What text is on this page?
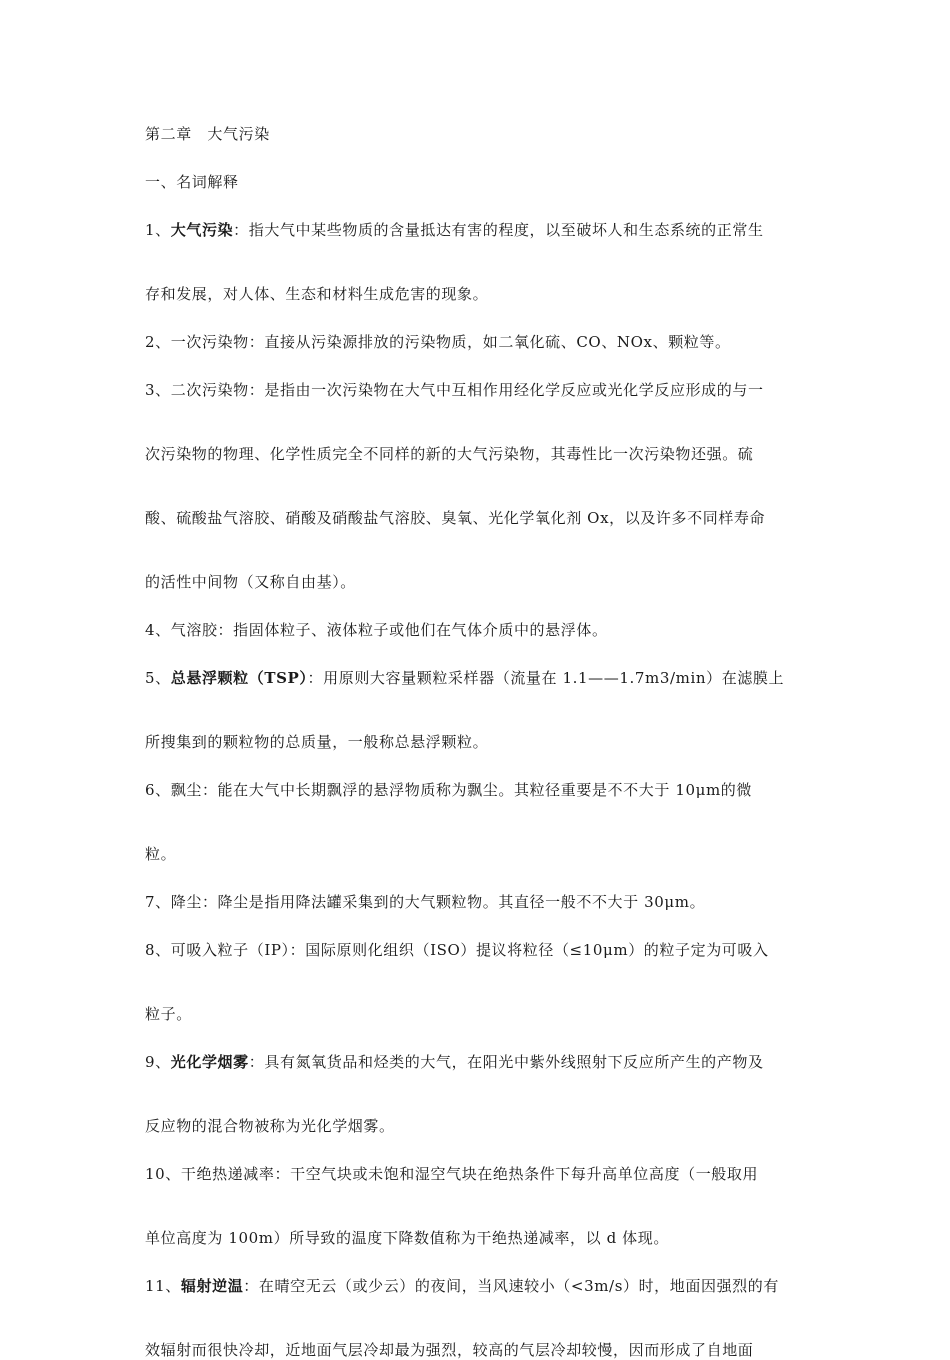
第二章　大气污染
一、名词解释
1、大气污染：指大气中某些物质的含量抵达有害的程度，以至破坏人和生态系统的正常生
存和发展，对人体、生态和材料生成危害的现象。
2、一次污染物：直接从污染源排放的污染物质，如二氧化硫、CO、NOx、颗粒等。
3、二次污染物：是指由一次污染物在大气中互相作用经化学反应或光化学反应形成的与一
次污染物的物理、化学性质完全不同样的新的大气污染物，其毒性比一次污染物还强。硫
酸、硫酸盐气溶胶、硝酸及硝酸盐气溶胶、臭氧、光化学氧化剂 Ox，以及许多不同样寿命
的活性中间物（又称自由基）。
4、气溶胶：指固体粒子、液体粒子或他们在气体介质中的悬浮体。
5、总悬浮颗粒（TSP）：用原则大容量颗粒采样器（流量在 1.1——1.7m3/min）在滤膜上
所搜集到的颗粒物的总质量，一般称总悬浮颗粒。
6、飘尘：能在大气中长期飘浮的悬浮物质称为飘尘。其粒径重要是不不大于 10μm的微
粒。
7、降尘：降尘是指用降法罐采集到的大气颗粒物。其直径一般不不大于 30μm。
8、可吸入粒子（IP）：国际原则化组织（ISO）提议将粒径（≤10μm）的粒子定为可吸入
粒子。
9、光化学烟雾：具有氮氧货品和烃类的大气，在阳光中紫外线照射下反应所产生的产物及
反应物的混合物被称为光化学烟雾。
10、干绝热递减率：干空气块或未饱和湿空气块在绝热条件下每升高单位高度（一般取用
单位高度为 100m）所导致的温度下降数值称为干绝热递减率，以 d 体现。
11、辐射逆温：在晴空无云（或少云）的夜间，当风速较小（<3m/s）时，地面因强烈的有
效辐射而很快冷却，近地面气层冷却最为强烈，较高的气层冷却较慢，因而形成了自地面
